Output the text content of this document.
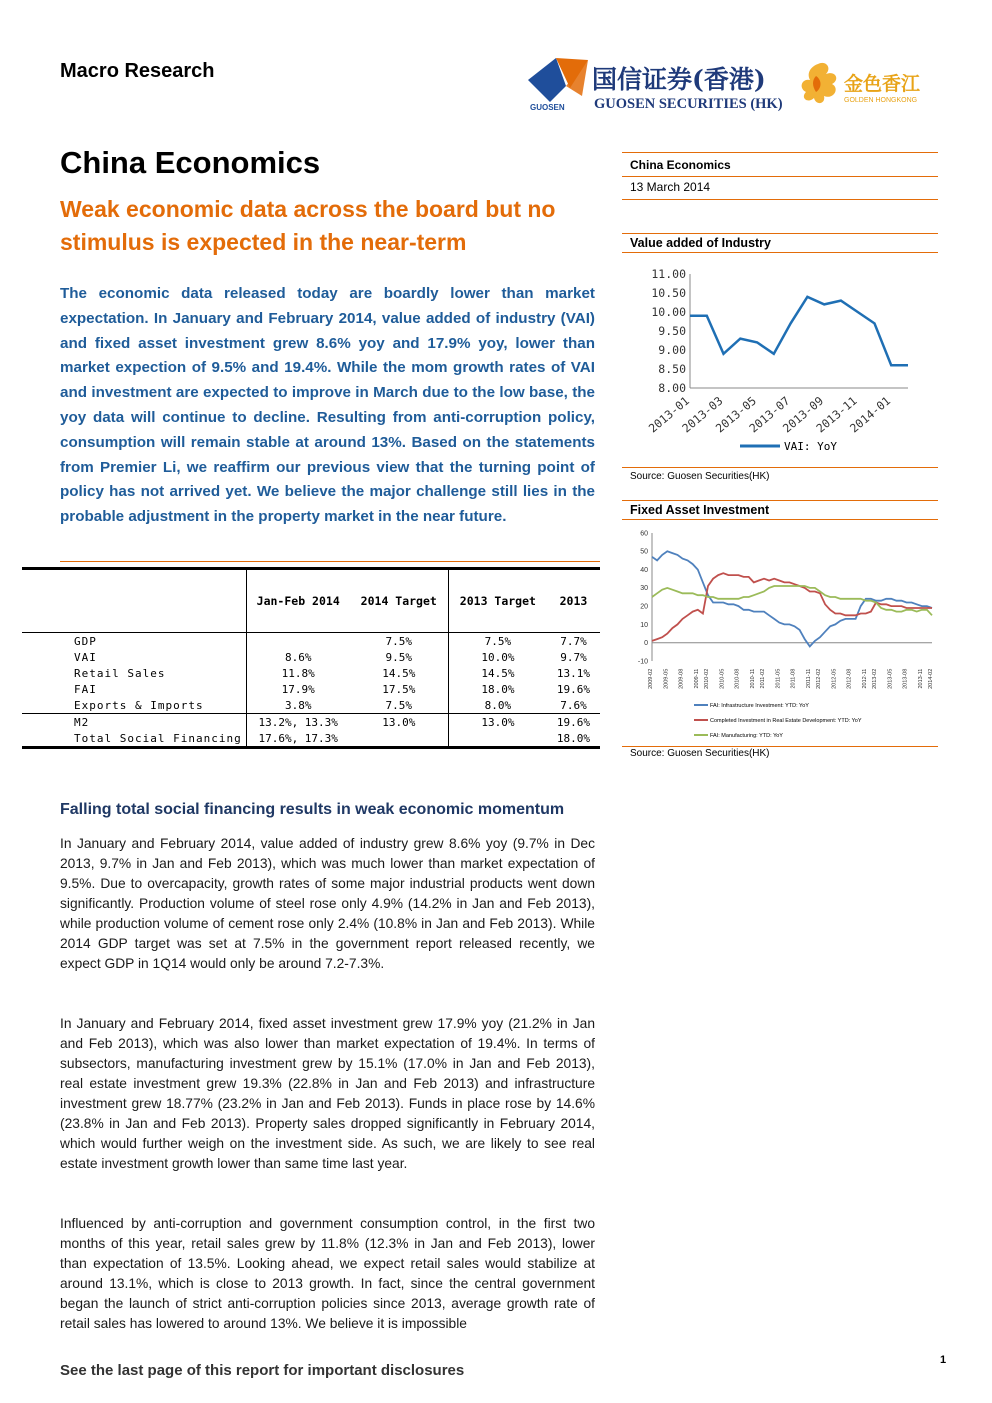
Macro Research
GUOSEN
国信证券(香港)
GUOSEN SECURITIES (HK)
金色香江
GOLDEN HONGKONG
China Economics
Weak economic data across the board but no stimulus is expected in the near-term
The economic data released today are boardly lower than market expectation. In January and February 2014, value added of industry (VAI) and fixed asset investment grew 8.6% yoy and 17.9% yoy, lower than market expection of 9.5% and 19.4%. While the mom growth rates of VAI and investment are expected to improve in March due to the low base, the yoy data will continue to decline. Resulting from anti-corruption policy, consumption will remain stable at around 13%. Based on the statements from Premier Li, we reaffirm our previous view that the turning point of policy has not arrived yet. We believe the major challenge still lies in the probable adjustment in the property market in the near future.
	Jan-Feb 2014	2014 Target	2013 Target	2013
GDP		7.5%	7.5%	7.7%
VAI	8.6%	9.5%	10.0%	9.7%
Retail Sales	11.8%	14.5%	14.5%	13.1%
FAI	17.9%	17.5%	18.0%	19.6%
Exports & Imports	3.8%	7.5%	8.0%	7.6%
M2	13.2%, 13.3%	13.0%	13.0%	19.6%
Total Social Financing	17.6%, 17.3%			18.0%
Falling total social financing results in weak economic momentum
In January and February 2014, value added of industry grew 8.6% yoy (9.7% in Dec 2013, 9.7% in Jan and Feb 2013), which was much lower than market expectation of 9.5%. Due to overcapacity, growth rates of some major industrial products went down significantly. Production volume of steel rose only 4.9% (14.2% in Jan and Feb 2013), while production volume of cement rose only 2.4% (10.8% in Jan and Feb 2013). While 2014 GDP target was set at 7.5% in the government report released recently, we expect GDP in 1Q14 would only be around 7.2-7.3%.
In January and February 2014, fixed asset investment grew 17.9% yoy (21.2% in Jan and Feb 2013), which was also lower than market expectation of 19.4%. In terms of subsectors, manufacturing investment grew by 15.1% (17.0% in Jan and Feb 2013), real estate investment grew 19.3% (22.8% in Jan and Feb 2013) and infrastructure investment grew 18.77% (23.2% in Jan and Feb 2013). Funds in place rose by 14.6% (23.8% in Jan and Feb 2013). Property sales dropped significantly in February 2014, which would further weigh on the investment side. As such, we are likely to see real estate investment growth lower than same time last year.
Influenced by anti-corruption and government consumption control, in the first two months of this year, retail sales grew by 11.8% (12.3% in Jan and Feb 2013), lower than expectation of 13.5%. Looking ahead, we expect retail sales would stabilize at around 13.1%, which is close to 2013 growth. In fact, since the central government began the launch of strict anti-corruption policies since 2013, average growth rate of retail sales has lowered to around 13%. We believe it is impossible
See the last page of this report for important disclosures
1
China Economics
13 March 2014
Value added of Industry
11.00
10.50
10.00
9.50
9.00
8.50
8.00
2013-01
2013-03
2013-05
2013-07
2013-09
2013-11
2014-01
VAI: YoY
Source: Guosen Securities(HK)
Fixed Asset Investment
60
50
40
30
20
10
0
-10
2009-02 2009-05 2009-08 2009-11 2010-02 2010-05 2010-08 2010-11 2011-02 2011-05 2011-08 2011-11 2012-02 2012-05 2012-08 2012-11 2013-02 2013-05 2013-08 2013-11 2014-02
FAI: Infrastructure Investment: YTD: YoY
Completed Investment in Real Estate Development: YTD: YoY
FAI: Manufacturing: YTD: YoY
Source: Guosen Securities(HK)
